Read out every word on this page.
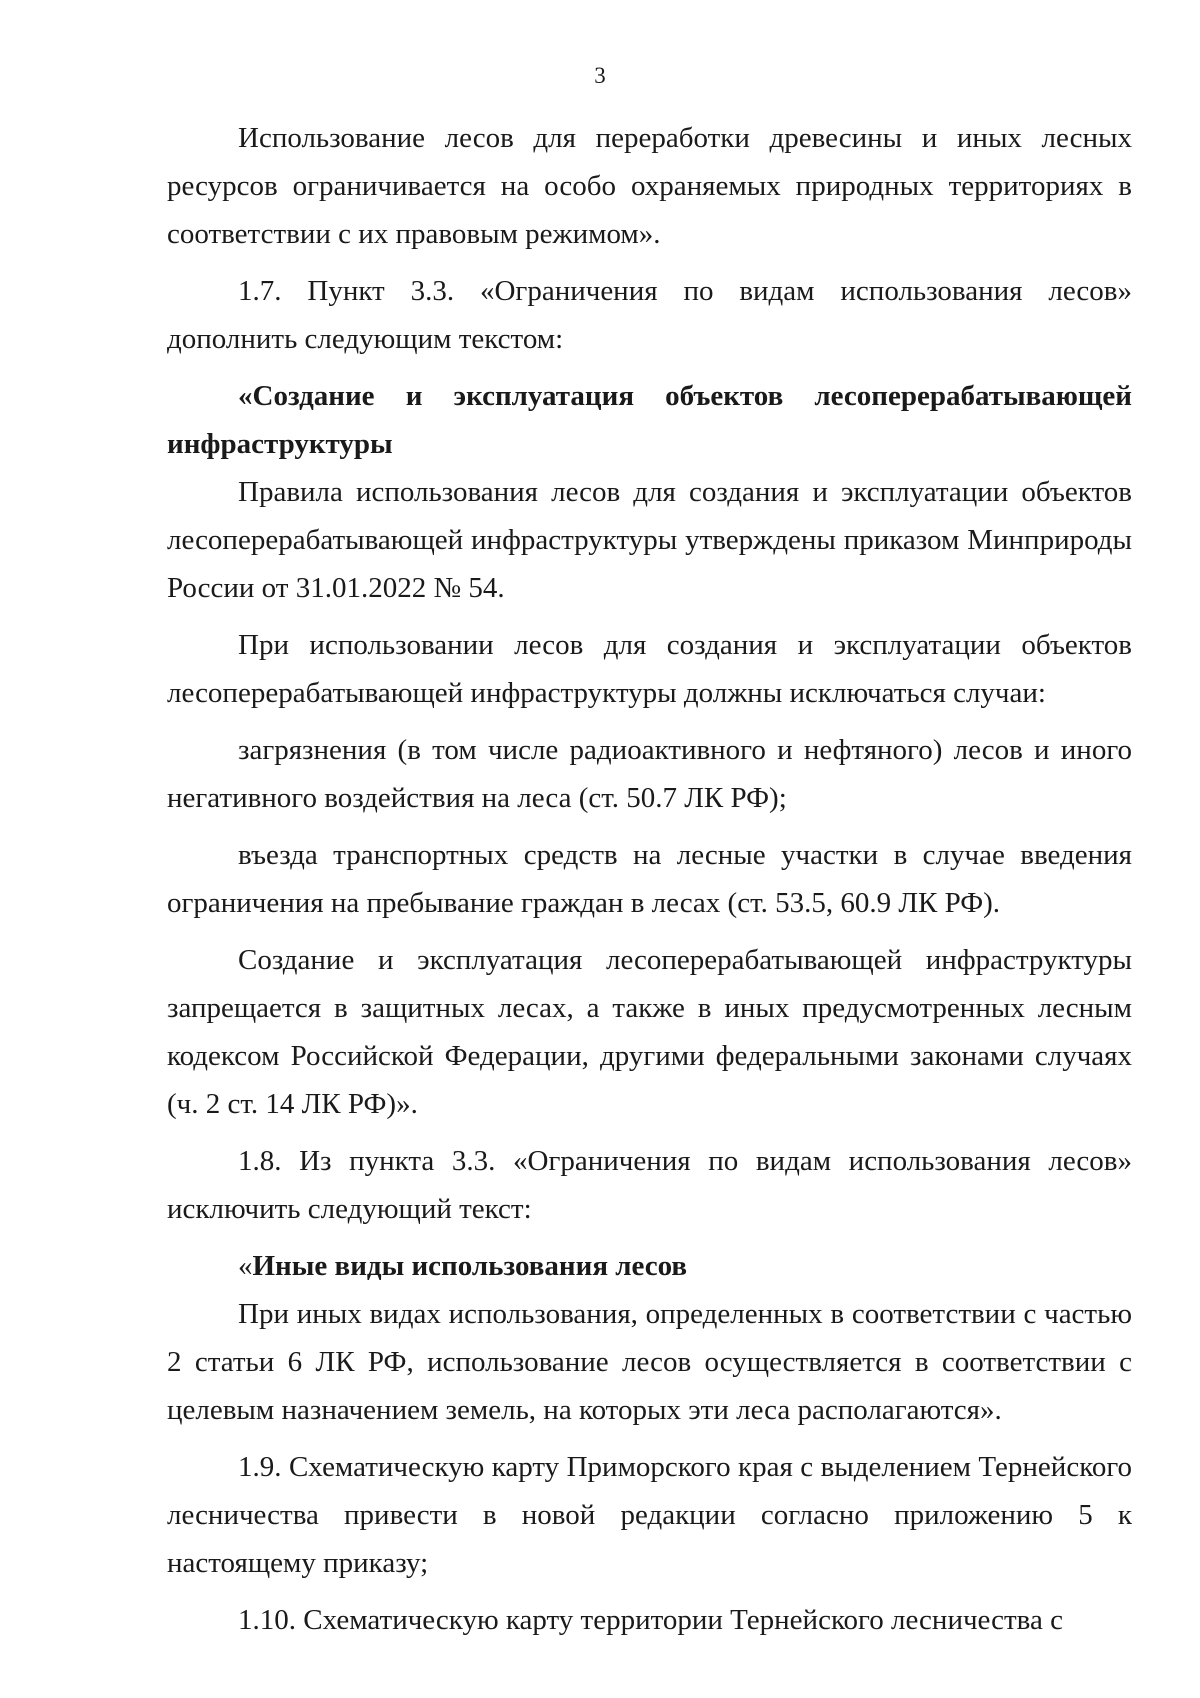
3

Использование лесов для переработки древесины и иных лесных ресурсов ограничивается на особо охраняемых природных территориях в соответствии с их правовым режимом».

1.7. Пункт 3.3. «Ограничения по видам использования лесов» дополнить следующим текстом:

«Создание и эксплуатация объектов лесоперерабатывающей инфраструктуры

Правила использования лесов для создания и эксплуатации объектов лесоперерабатывающей инфраструктуры утверждены приказом Минприроды России от 31.01.2022 № 54.

При использовании лесов для создания и эксплуатации объектов лесоперерабатывающей инфраструктуры должны исключаться случаи:

загрязнения (в том числе радиоактивного и нефтяного) лесов и иного негативного воздействия на леса (ст. 50.7 ЛК РФ);

въезда транспортных средств на лесные участки в случае введения ограничения на пребывание граждан в лесах (ст. 53.5, 60.9 ЛК РФ).

Создание и эксплуатация лесоперерабатывающей инфраструктуры запрещается в защитных лесах, а также в иных предусмотренных лесным кодексом Российской Федерации, другими федеральными законами случаях (ч. 2 ст. 14 ЛК РФ)».

1.8. Из пункта 3.3. «Ограничения по видам использования лесов» исключить следующий текст:

«Иные виды использования лесов

При иных видах использования, определенных в соответствии с частью 2 статьи 6 ЛК РФ, использование лесов осуществляется в соответствии с целевым назначением земель, на которых эти леса располагаются».

1.9. Схематическую карту Приморского края с выделением Тернейского лесничества привести в новой редакции согласно приложению 5 к настоящему приказу;

1.10. Схематическую карту территории Тернейского лесничества с
